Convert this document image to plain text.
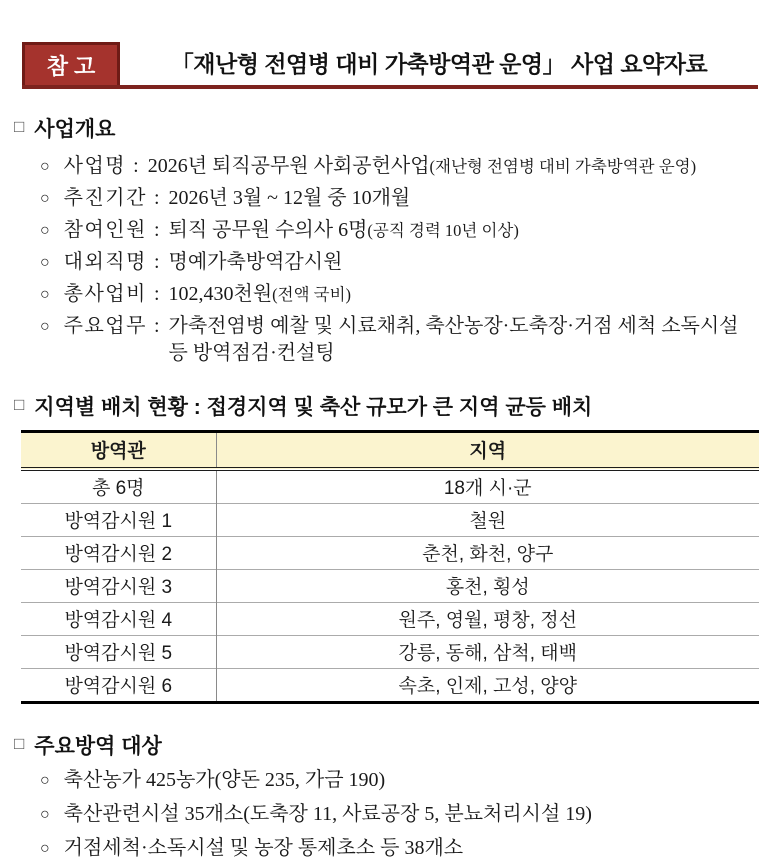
참고	「재난형 전염병 대비 가축방역관 운영」 사업 요약자료
□ 사업개요
○ 사업명 : 2026년 퇴직공무원 사회공헌사업(재난형 전염병 대비 가축방역관 운영)
○ 추진기간 : 2026년 3월 ~ 12월 중 10개월
○ 참여인원 : 퇴직 공무원 수의사 6명(공직 경력 10년 이상)
○ 대외직명 : 명예가축방역감시원
○ 총사업비 : 102,430천원(전액 국비)
○ 주요업무 : 가축전염병 예찰 및 시료채취, 축산농장·도축장·거점 세척 소독시설 등 방역점검·컨설팅
□ 지역별 배치 현황 : 접경지역 및 축산 규모가 큰 지역 균등 배치
방역관	지역
총 6명	18개 시·군
방역감시원 1	철원
방역감시원 2	춘천, 화천, 양구
방역감시원 3	홍천, 횡성
방역감시원 4	원주, 영월, 평창, 정선
방역감시원 5	강릉, 동해, 삼척, 태백
방역감시원 6	속초, 인제, 고성, 양양
□ 주요방역 대상
○ 축산농가 425농가(양돈 235, 가금 190)
○ 축산관련시설 35개소(도축장 11, 사료공장 5, 분뇨처리시설 19)
○ 거점세척·소독시설 및 농장 통제초소 등 38개소
